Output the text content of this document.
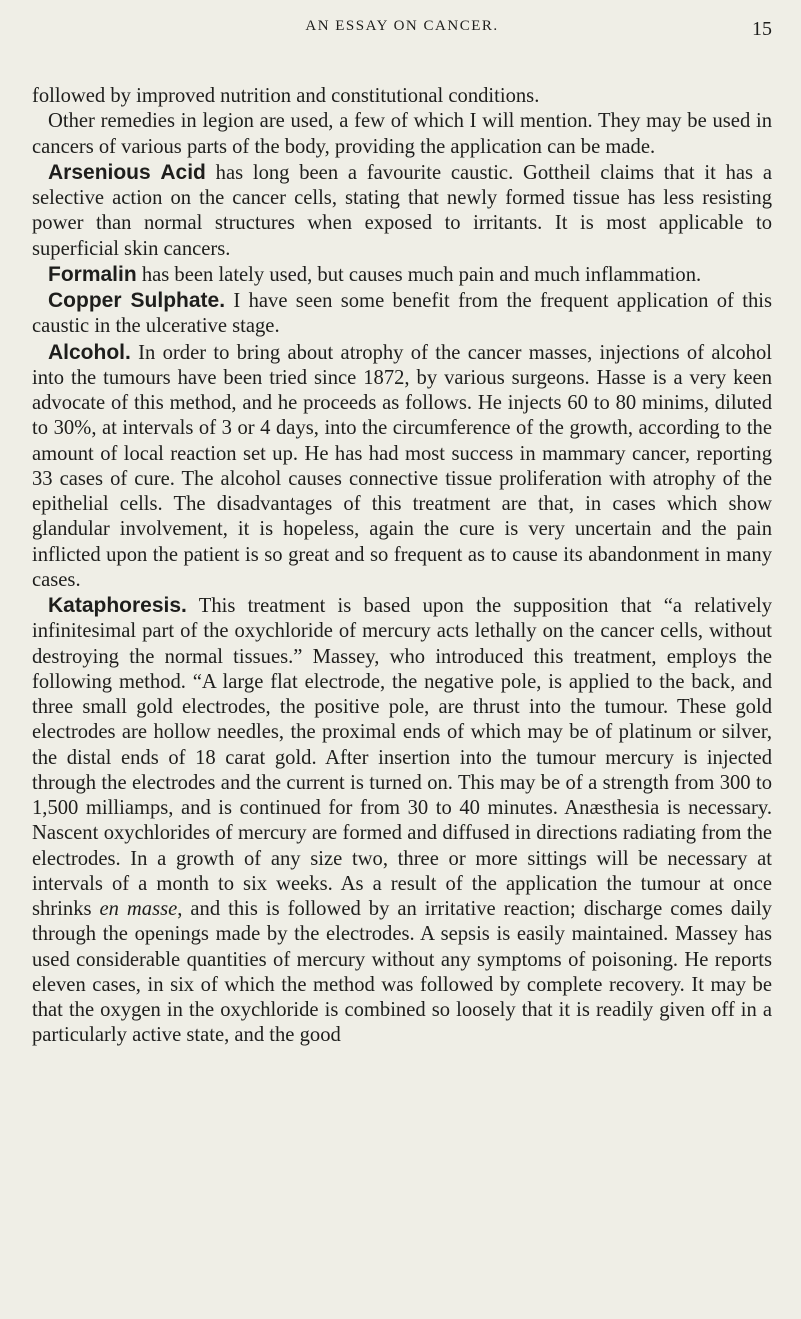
AN ESSAY ON CANCER.	15

followed by improved nutrition and constitutional conditions.

Other remedies in legion are used, a few of which I will mention. They may be used in cancers of various parts of the body, providing the application can be made.

Arsenious Acid has long been a favourite caustic. Gottheil claims that it has a selective action on the cancer cells, stating that newly formed tissue has less resisting power than normal structures when exposed to irritants. It is most applicable to superficial skin cancers.

Formalin has been lately used, but causes much pain and much inflammation.

Copper Sulphate. I have seen some benefit from the frequent application of this caustic in the ulcerative stage.

Alcohol. In order to bring about atrophy of the cancer masses, injections of alcohol into the tumours have been tried since 1872, by various surgeons. Hasse is a very keen advocate of this method, and he proceeds as follows. He injects 60 to 80 minims, diluted to 30%, at intervals of 3 or 4 days, into the circumference of the growth, according to the amount of local reaction set up. He has had most success in mammary cancer, reporting 33 cases of cure. The alcohol causes connective tissue proliferation with atrophy of the epithelial cells. The disadvantages of this treatment are that, in cases which show glandular involvement, it is hopeless, again the cure is very uncertain and the pain inflicted upon the patient is so great and so frequent as to cause its abandonment in many cases.

Kataphoresis. This treatment is based upon the supposition that “a relatively infinitesimal part of the oxychloride of mercury acts lethally on the cancer cells, without destroying the normal tissues.” Massey, who introduced this treatment, employs the following method. “A large flat electrode, the negative pole, is applied to the back, and three small gold electrodes, the positive pole, are thrust into the tumour. These gold electrodes are hollow needles, the proximal ends of which may be of platinum or silver, the distal ends of 18 carat gold. After insertion into the tumour mercury is injected through the electrodes and the current is turned on. This may be of a strength from 300 to 1,500 milliamps, and is continued for from 30 to 40 minutes. Anæsthesia is necessary. Nascent oxychlorides of mercury are formed and diffused in directions radiating from the electrodes. In a growth of any size two, three or more sittings will be necessary at intervals of a month to six weeks. As a result of the application the tumour at once shrinks en masse, and this is followed by an irritative reaction; discharge comes daily through the openings made by the electrodes. A sepsis is easily maintained. Massey has used considerable quantities of mercury without any symptoms of poisoning. He reports eleven cases, in six of which the method was followed by complete recovery. It may be that the oxygen in the oxychloride is combined so loosely that it is readily given off in a particularly active state, and the good
